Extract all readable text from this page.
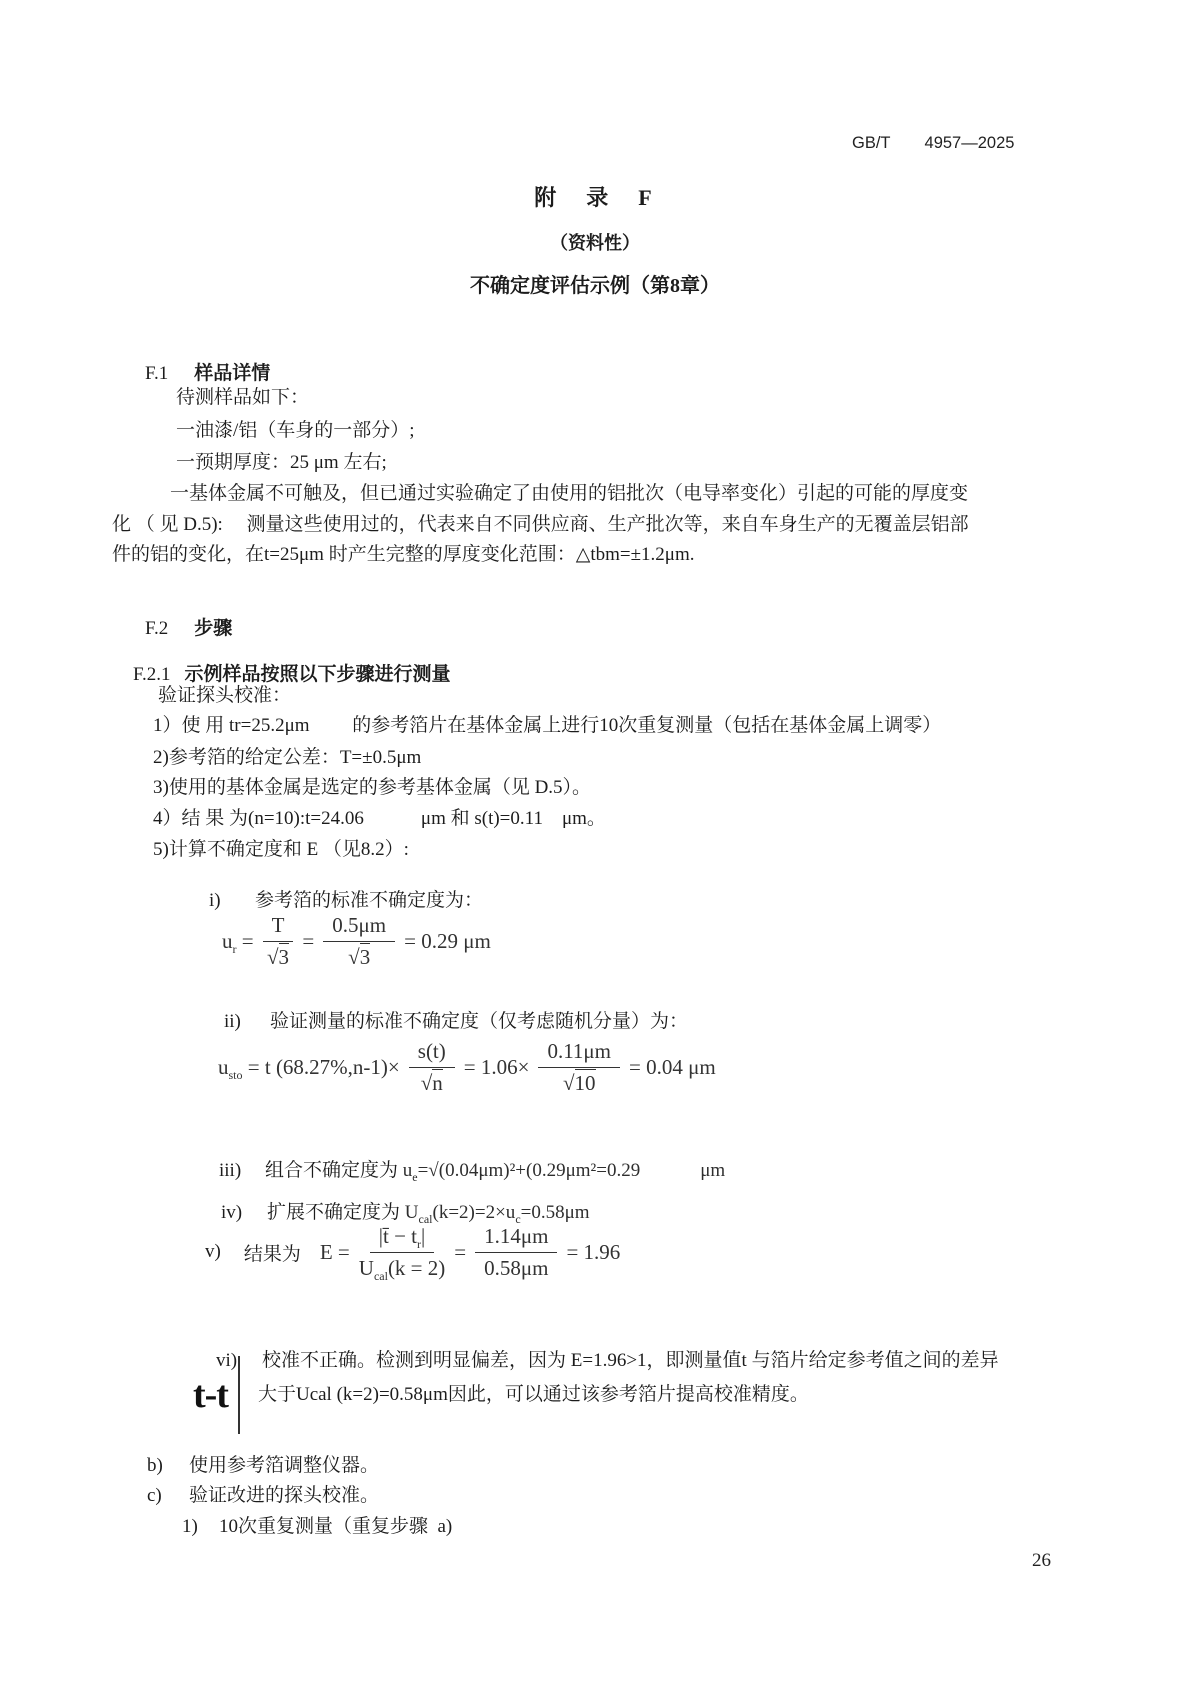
GB/T 4957—2025
附　录　F
（资料性）
不确定度评估示例（第8章）

F.1 样品详情

待测样品如下：
一油漆/铝（车身的一部分）;
一预期厚度：25 μm 左右;
一基体金属不可触及，但已通过实验确定了由使用的铝批次（电导率变化）引起的可能的厚度变
化 （ 见 D.5):　 测量这些使用过的，代表来自不同供应商、生产批次等，来自车身生产的无覆盖层铝部
件的铝的变化，在t=25μm 时产生完整的厚度变化范围：△tbm=±1.2μm.

F.2 步骤

F.2.1 示例样品按照以下步骤进行测量

验证探头校准：
1）使 用 tr=25.2μm　　 的参考箔片在基体金属上进行10次重复测量（包括在基体金属上调零）
2)参考箔的给定公差：T=±0.5μm
3)使用的基体金属是选定的参考基体金属（见 D.5）。
4）结 果 为(n=10):t=24.06　　　μm 和 s(t)=0.11　μm。
5)计算不确定度和 E （见8.2）:

i) 参考箔的标准不确定度为：

$u_r = \frac{T}{√3} = \frac{0.5\mu m}{√3} = 0.29$ μm

ii) 验证测量的标准不确定度（仅考虑随机分量）为：

$u_{sto} = t$ $(68.27\%,n-1)\times \frac{s(t)}{√n} = 1.06\times \frac{0.11\mu m}{√10} = 0.04$ μm

iii) 组合不确定度为 $u_e=√(0.04\mu m)^2+(0.29\mu m^2=0.29$	μm

iv) 扩展不确定度为 $U_{cal}(k=2)=2\times u_c=0.58\mu m$

v) 结果为 $E = \frac{|t̄ - t_r|}{U_{cal}(k = 2)} = \frac{1.14\mu m}{0.58\mu m} = 1.96$

vi) 校准不正确。检测到明显偏差，因为 E=1.96>1，即测量值t 与箔片给定参考值之间的差异

t-t 大于Ucal (k=2)=0.58μm因此，可以通过该参考箔片提高校准精度。

b) 使用参考箔调整仪器。

c) 验证改进的探头校准。

1) 10次重复测量（重复步骤  a)

26
